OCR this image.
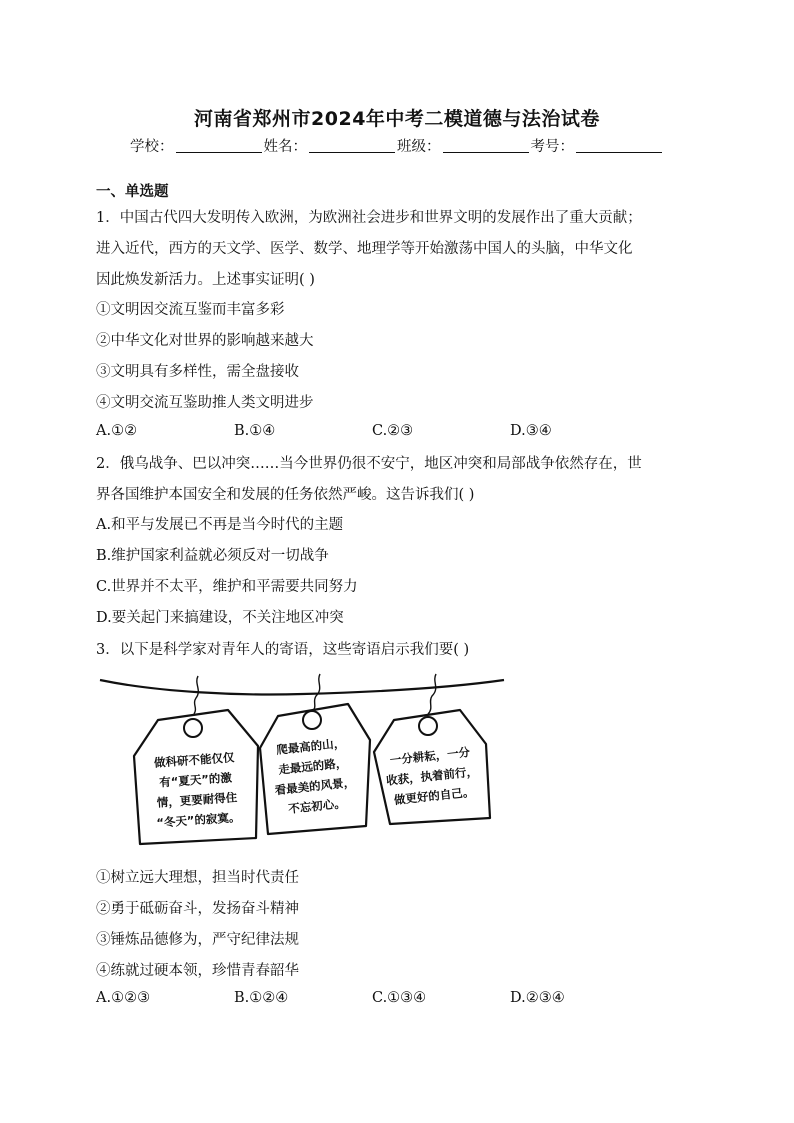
河南省郑州市2024年中考二模道德与法治试卷
学校：	姓名：	班级：	考号：
一、单选题
1．中国古代四大发明传入欧洲，为欧洲社会进步和世界文明的发展作出了重大贡献；
进入近代，西方的天文学、医学、数学、地理学等开始激荡中国人的头脑，中华文化
因此焕发新活力。上述事实证明( )
①文明因交流互鉴而丰富多彩
②中华文化对世界的影响越来越大
③文明具有多样性，需全盘接收
④文明交流互鉴助推人类文明进步
A.①②	B.①④	C.②③	D.③④
2．俄乌战争、巴以冲突……当今世界仍很不安宁，地区冲突和局部战争依然存在，世
界各国维护本国安全和发展的任务依然严峻。这告诉我们( )
A.和平与发展已不再是当今时代的主题
B.维护国家利益就必须反对一切战争
C.世界并不太平，维护和平需要共同努力
D.要关起门来搞建设，不关注地区冲突
3．以下是科学家对青年人的寄语，这些寄语启示我们要( )
做科研不能仅仅
有“夏天”的激
情，更要耐得住
“冬天”的寂寞。
爬最高的山，
走最远的路，
看最美的风景，
不忘初心。
一分耕耘，一分
收获，执着前行，
做更好的自己。
①树立远大理想，担当时代责任
②勇于砥砺奋斗，发扬奋斗精神
③锤炼品德修为，严守纪律法规
④练就过硬本领，珍惜青春韶华
A.①②③	B.①②④	C.①③④	D.②③④
